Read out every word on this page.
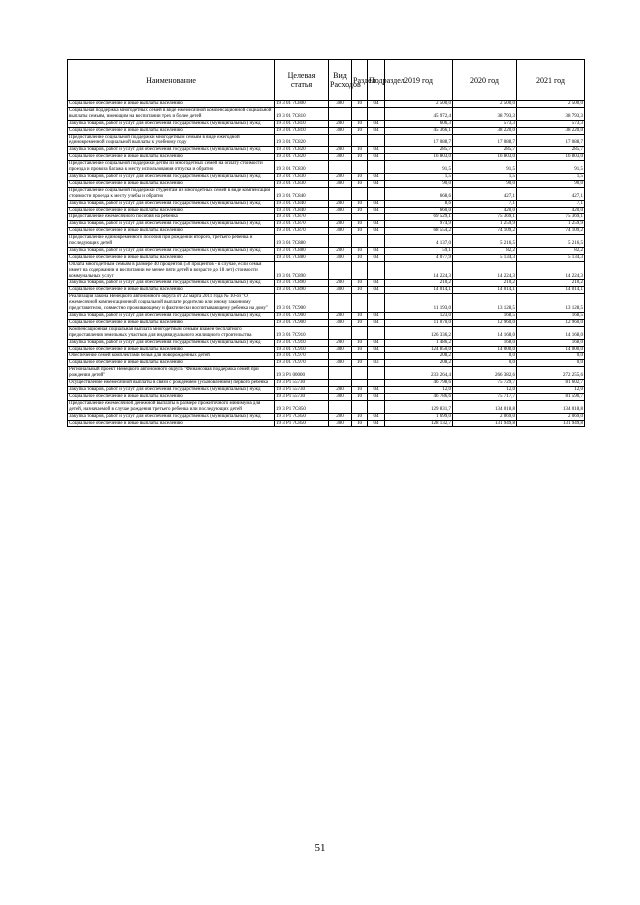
Наименование	Целевая статья	Вид Расходов	Раздел	Подраздел	2019 год	2020 год	2021 год
Социальное обеспечение и иные выплаты населению	19 3 01 7С800	300	10	04	2 500,0	2 500,0	2 500,0
Социальная поддержка многодетных семей в виде ежемесячной компенсационной социальной выплаты семьям, имеющим на воспитании трех и более детей	19 3 01 7С810				45 972,4	38 793,3	38 793,3
Закупка товаров, работ и услуг для обеспечения государственных (муниципальных) нужд	19 3 01 7С810	200	10	04	606,3	573,3	573,3
Социальное обеспечение и иные выплаты населению	19 3 01 7С810	300	10	04	45 366,1	38 220,0	38 220,0
Предоставление социальной поддержки многодетным семьям в виде ежегодной единовременной социальной выплаты к учебному году	19 3 01 7С820				17 088,7	17 088,7	17 088,7
Закупка товаров, работ и услуг для обеспечения государственных (муниципальных) нужд	19 3 01 7С820	200	10	04	285,7	285,7	285,7
Социальное обеспечение и иные выплаты населению	19 3 01 7С820	300	10	04	16 803,0	16 803,0	16 803,0
Предоставление социальной поддержки детям из многодетных семей на оплату стоимости проезда и провоза багажа к месту использования отпуска и обратно	19 3 01 7С830				91,5	91,5	91,5
Закупка товаров, работ и услуг для обеспечения государственных (муниципальных) нужд	19 3 01 7С830	200	10	04	1,5	1,5	1,5
Социальное обеспечение и иные выплаты населению	19 3 01 7С830	300	10	04	90,0	90,0	90,0
Предоставление социальной поддержки студентам из многодетных семей в виде компенсации стоимости проезда к месту учебы и обратно	19 3 01 7С840				668,6	427,1	427,1
Закупка товаров, работ и услуг для обеспечения государственных (муниципальных) нужд	19 3 01 7С840	200	10	04	8,6	7,1	7,1
Социальное обеспечение и иные выплаты населению	19 3 01 7С840	300	10	04	660,0	420,0	420,0
Предоставление ежемесячного пособия на ребенка	19 3 01 7С870				69 529,1	75 369,1	75 369,1
Закупка товаров, работ и услуг для обеспечения государственных (муниципальных) нужд	19 3 01 7С870	200	10	04	974,9	1 259,9	1 259,9
Социальное обеспечение и иные выплаты населению	19 3 01 7С870	300	10	04	68 554,2	74 109,2	74 109,2
Предоставление единовременного пособия при рождении второго, третьего ребенка и последующих детей	19 3 01 7С880				4 137,0	5 216,5	5 216,5
Закупка товаров, работ и услуг для обеспечения государственных (муниципальных) нужд	19 3 01 7С880	200	10	04	59,1	82,2	82,2
Социальное обеспечение и иные выплаты населению	19 3 01 7С880	300	10	04	4 077,9	5 134,3	5 134,3
Оплата многодетным семьям в размере 40 процентов (50 процентов - в случае, если семья имеет на содержании и воспитании не менее пяти детей в возрасте до 18 лет) стоимости коммунальных услуг	19 3 01 7С890				14 224,3	14 224,3	14 224,3
Закупка товаров, работ и услуг для обеспечения государственных (муниципальных) нужд	19 3 01 7С890	200	10	04	210,2	210,2	210,2
Социальное обеспечение и иные выплаты населению	19 3 01 7С890	300	10	04	14 014,1	14 014,1	14 014,1
Реализация закона Ненецкого автономного округа от 22 марта 2011 года № 10-оз "О ежемесячной компенсационной социальной выплате родителю или иному законному представителю, совместно проживающему и фактически воспитывающему ребенка на дому"	19 3 01 7С900				11 193,0	13 128,5	13 128,5
Закупка товаров, работ и услуг для обеспечения государственных (муниципальных) нужд	19 3 01 7С900	200	10	04	123,0	168,5	168,5
Социальное обеспечение и иные выплаты населению	19 3 01 7С900	300	10	04	11 070,0	12 960,0	12 960,0
Компенсационная социальная выплата многодетным семьям взамен бесплатного предоставления земельных участков для индивидуального жилищного строительства	19 3 01 7С910				126 336,2	14 168,0	14 168,0
Закупка товаров, работ и услуг для обеспечения государственных (муниципальных) нужд	19 3 01 7С910	200	10	04	1 486,2	168,0	168,0
Социальное обеспечение и иные выплаты населению	19 3 01 7С910	300	10	04	124 850,0	14 000,0	14 000,0
Обеспечение семей комплектами белья для новорожденных детей	19 3 01 7С970				208,2	0,0	0,0
Социальное обеспечение и иные выплаты населению	19 3 01 7С970	300	10	03	208,2	0,0	0,0
Региональный проект Ненецкого автономного округа "Финансовая поддержка семей при рождении детей"	19 3 Р1 00000				233 264,4	266 382,6	272 255,6
Осуществление ежемесячной выплаты в связи с рождением (усыновлением) первого ребенка	19 3 Р1 55730				46 798,6	75 729,7	81 602,7
Закупка товаров, работ и услуг для обеспечения государственных (муниципальных) нужд	19 3 Р1 55730	200	10	04	12,0	12,0	12,0
Социальное обеспечение и иные выплаты населению	19 3 Р1 55730	300	10	04	46 786,6	75 717,7	81 590,7
Предоставление ежемесячной денежной выплаты в размере прожиточного минимума для детей, назначаемой в случае рождения третьего ребенка или последующих детей	19 3 Р1 7С850				129 831,7	134 018,8	134 018,8
Закупка товаров, работ и услуг для обеспечения государственных (муниципальных) нужд	19 3 Р1 7С850	200	10	04	1 699,0	2 069,0	2 069,0
Социальное обеспечение и иные выплаты населению	19 3 Р1 7С850	300	10	04	128 132,7	131 949,8	131 949,8
51
